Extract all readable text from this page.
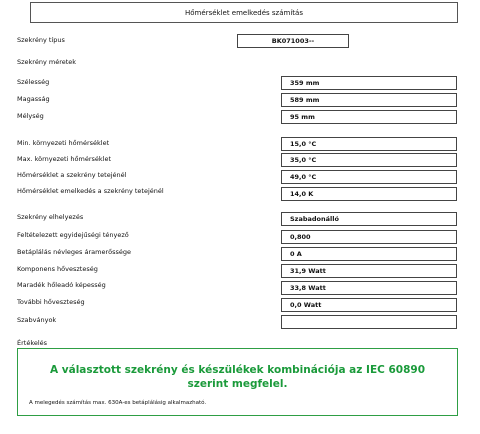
Hőmérséklet emelkedés számítás
Szekrény típus	BK071003--
Szekrény méretek
Szélesség	359 mm
Magasság	589 mm
Mélység	95 mm
Min. környezeti hőmérséklet	15,0 °C
Max. környezeti hőmérséklet	35,0 °C
Hőmérséklet a szekrény tetejénél	49,0 °C
Hőmérséklet emelkedés a szekrény tetejénél	14,0 K
Szekrény elhelyezés	Szabadonálló
Feltételezett egyidejűségi tényező	0,800
Betáplálás névleges áramerőssége	0 A
Komponens hőveszteség	31,9 Watt
Maradék hőleadó képesség	33,8 Watt
További hőveszteség	0,0 Watt
Szabványok
Értékelés
A választott szekrény és készülékek kombinációja az IEC 60890 szerint megfelel.
A melegedés számítás max. 630A-es betáplálásig alkalmazható.
